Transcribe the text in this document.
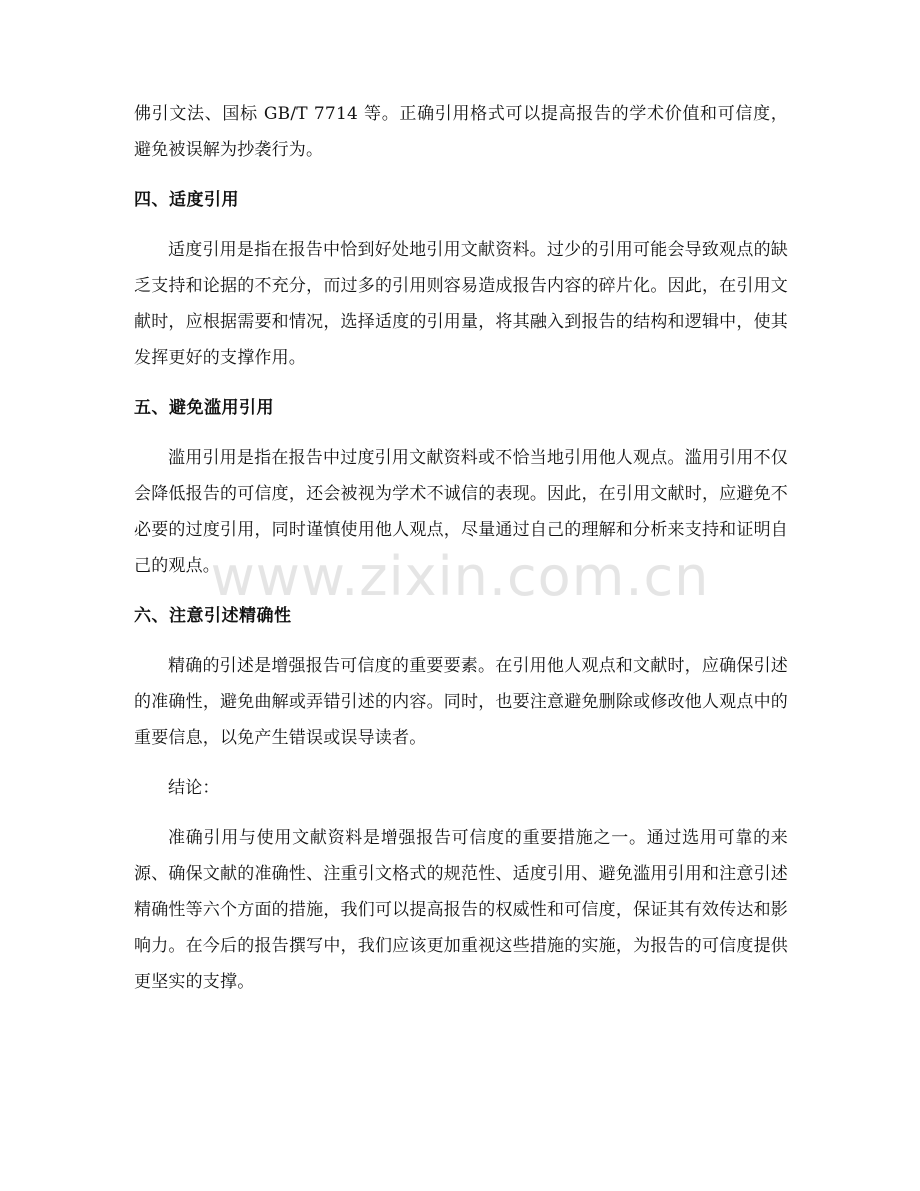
佛引文法、国标 GB/T 7714 等。正确引用格式可以提高报告的学术价值和可信度，避免被误解为抄袭行为。

四、适度引用

适度引用是指在报告中恰到好处地引用文献资料。过少的引用可能会导致观点的缺乏支持和论据的不充分，而过多的引用则容易造成报告内容的碎片化。因此，在引用文献时，应根据需要和情况，选择适度的引用量，将其融入到报告的结构和逻辑中，使其发挥更好的支撑作用。

五、避免滥用引用

滥用引用是指在报告中过度引用文献资料或不恰当地引用他人观点。滥用引用不仅会降低报告的可信度，还会被视为学术不诚信的表现。因此，在引用文献时，应避免不必要的过度引用，同时谨慎使用他人观点，尽量通过自己的理解和分析来支持和证明自己的观点。

六、注意引述精确性

精确的引述是增强报告可信度的重要要素。在引用他人观点和文献时，应确保引述的准确性，避免曲解或弄错引述的内容。同时，也要注意避免删除或修改他人观点中的重要信息，以免产生错误或误导读者。

结论：

准确引用与使用文献资料是增强报告可信度的重要措施之一。通过选用可靠的来源、确保文献的准确性、注重引文格式的规范性、适度引用、避免滥用引用和注意引述精确性等六个方面的措施，我们可以提高报告的权威性和可信度，保证其有效传达和影响力。在今后的报告撰写中，我们应该更加重视这些措施的实施，为报告的可信度提供更坚实的支撑。

www.zixin.com.cn
